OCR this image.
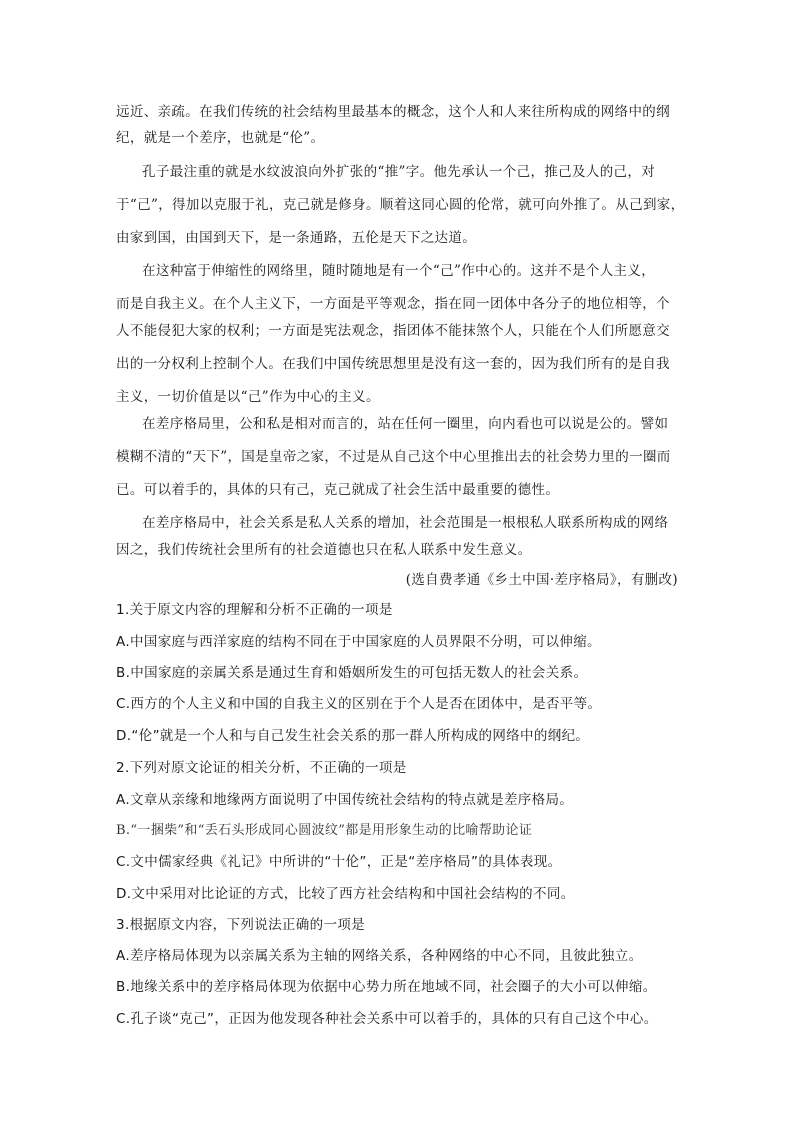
远近、亲疏。在我们传统的社会结构里最基本的概念，这个人和人来往所构成的网络中的纲
纪，就是一个差序，也就是“伦”。
孔子最注重的就是水纹波浪向外扩张的“推”字。他先承认一个己，推己及人的己，对
于“己”，得加以克服于礼，克己就是修身。顺着这同心圆的伦常，就可向外推了。从己到家，
由家到国，由国到天下，是一条通路，五伦是天下之达道。
在这种富于伸缩性的网络里，随时随地是有一个“己”作中心的。这并不是个人主义，
而是自我主义。在个人主义下，一方面是平等观念，指在同一团体中各分子的地位相等，个
人不能侵犯大家的权利；一方面是宪法观念，指团体不能抹煞个人，只能在个人们所愿意交
出的一分权利上控制个人。在我们中国传统思想里是没有这一套的，因为我们所有的是自我
主义，一切价值是以“己”作为中心的主义。
在差序格局里，公和私是相对而言的，站在任何一圈里，向内看也可以说是公的。譬如
模糊不清的“天下”，国是皇帝之家，不过是从自己这个中心里推出去的社会势力里的一圈而
已。可以着手的，具体的只有己，克己就成了社会生活中最重要的德性。
在差序格局中，社会关系是私人关系的增加，社会范围是一根根私人联系所构成的网络
因之，我们传统社会里所有的社会道德也只在私人联系中发生意义。
(选自费孝通《乡土中国·差序格局》，有删改)
1.关于原文内容的理解和分析不正确的一项是
A.中国家庭与西洋家庭的结构不同在于中国家庭的人员界限不分明，可以伸缩。
B.中国家庭的亲属关系是通过生育和婚姻所发生的可包括无数人的社会关系。
C.西方的个人主义和中国的自我主义的区别在于个人是否在团体中，是否平等。
D.“伦”就是一个人和与自己发生社会关系的那一群人所构成的网络中的纲纪。
2.下列对原文论证的相关分析，不正确的一项是
A.文章从亲缘和地缘两方面说明了中国传统社会结构的特点就是差序格局。
B.“一捆柴”和“丢石头形成同心圆波纹”都是用形象生动的比喻帮助论证
C.文中儒家经典《礼记》中所讲的“十伦”，正是“差序格局”的具体表现。
D.文中采用对比论证的方式，比较了西方社会结构和中国社会结构的不同。
3.根据原文内容，下列说法正确的一项是
A.差序格局体现为以亲属关系为主轴的网络关系，各种网络的中心不同，且彼此独立。
B.地缘关系中的差序格局体现为依据中心势力所在地域不同，社会圈子的大小可以伸缩。
C.孔子谈“克己”，正因为他发现各种社会关系中可以着手的，具体的只有自己这个中心。
